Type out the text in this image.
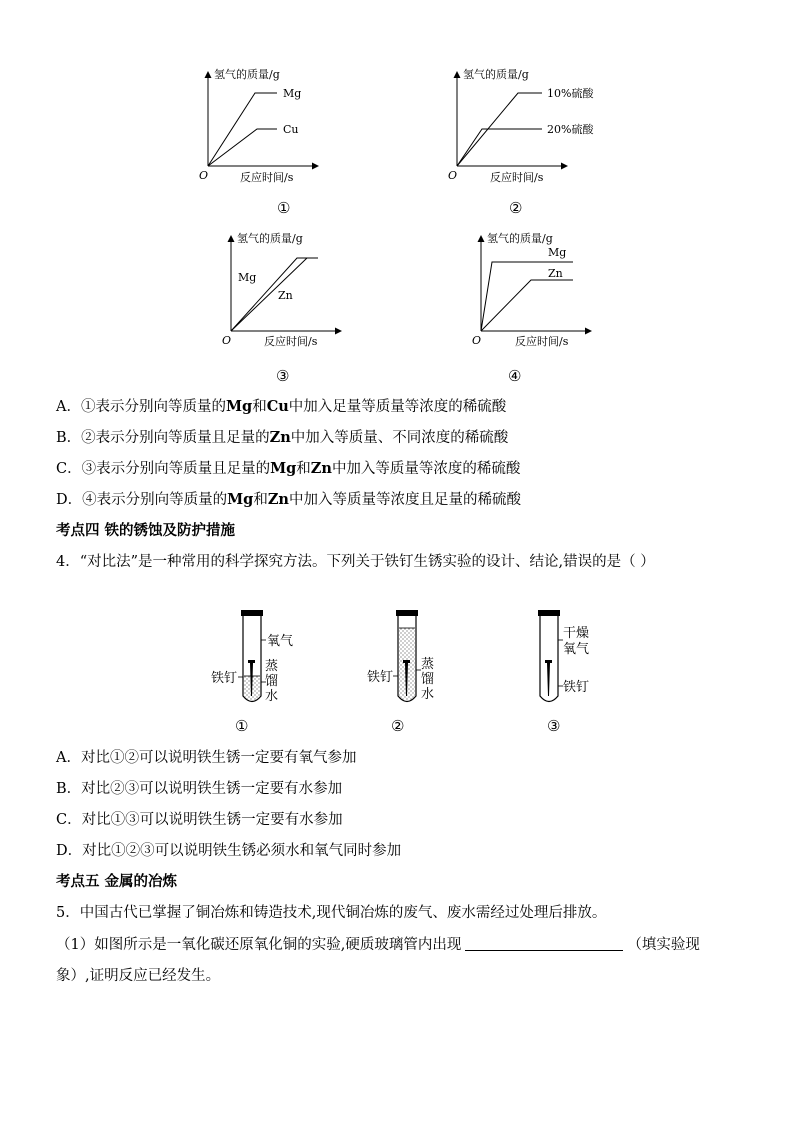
氢气的质量/g
反应时间/s
O
Mg
Cu
①
氢气的质量/g
反应时间/s
O
10%硫酸
20%硫酸
②
氢气的质量/g
反应时间/s
O
Mg
Zn
③
氢气的质量/g
反应时间/s
O
Mg
Zn
④
A．①表示分别向等质量的Mg和Cu中加入足量等质量等浓度的稀硫酸
B．②表示分别向等质量且足量的Zn中加入等质量、不同浓度的稀硫酸
C．③表示分别向等质量且足量的Mg和Zn中加入等质量等浓度的稀硫酸
D．④表示分别向等质量的Mg和Zn中加入等质量等浓度且足量的稀硫酸
考点四 铁的锈蚀及防护措施
4．“对比法”是一种常用的科学探究方法。下列关于铁钉生锈实验的设计、结论,错误的是（ ）
氧气
蒸
馏
水
铁钉
①
蒸
馏
水
铁钉
②
干燥
氧气
铁钉
③
A．对比①②可以说明铁生锈一定要有氧气参加
B．对比②③可以说明铁生锈一定要有水参加
C．对比①③可以说明铁生锈一定要有水参加
D．对比①②③可以说明铁生锈必须水和氧气同时参加
考点五 金属的冶炼
5．中国古代已掌握了铜冶炼和铸造技术,现代铜冶炼的废气、废水需经过处理后排放。
（1）如图所示是一氧化碳还原氧化铜的实验,硬质玻璃管内出现	（填实验现
象）,证明反应已经发生。
